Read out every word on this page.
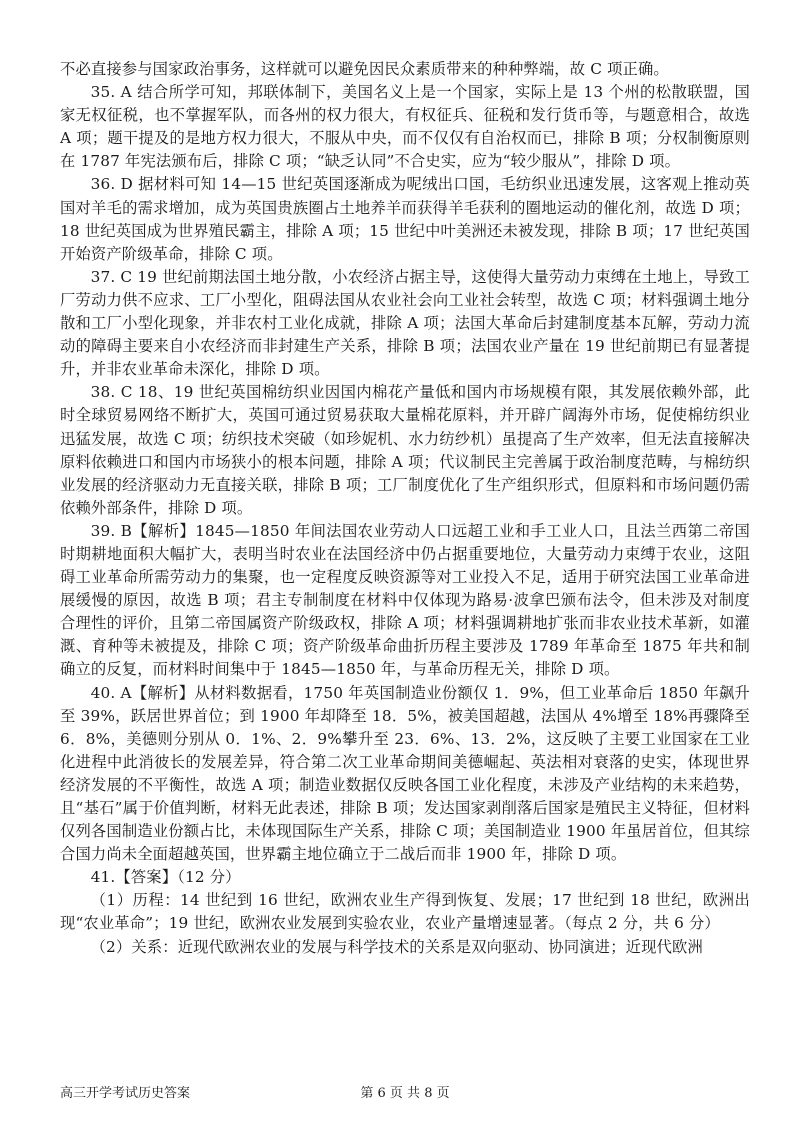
不必直接参与国家政治事务，这样就可以避免因民众素质带来的种种弊端，故 C 项正确。

35. A 结合所学可知，邦联体制下，美国名义上是一个国家，实际上是 13 个州的松散联盟，国家无权征税，也不掌握军队，而各州的权力很大，有权征兵、征税和发行货币等，与题意相合，故选 A 项；题干提及的是地方权力很大，不服从中央，而不仅仅有自治权而已，排除 B 项；分权制衡原则在 1787 年宪法颁布后，排除 C 项；“缺乏认同”不合史实，应为“较少服从”，排除 D 项。

36. D 据材料可知 14—15 世纪英国逐渐成为呢绒出口国，毛纺织业迅速发展，这客观上推动英国对羊毛的需求增加，成为英国贵族圈占土地养羊而获得羊毛获利的圈地运动的催化剂，故选 D 项；18 世纪英国成为世界殖民霸主，排除 A 项；15 世纪中叶美洲还未被发现，排除 B 项；17 世纪英国开始资产阶级革命，排除 C 项。

37. C 19 世纪前期法国土地分散，小农经济占据主导，这使得大量劳动力束缚在土地上，导致工厂劳动力供不应求、工厂小型化，阻碍法国从农业社会向工业社会转型，故选 C 项；材料强调土地分散和工厂小型化现象，并非农村工业化成就，排除 A 项；法国大革命后封建制度基本瓦解，劳动力流动的障碍主要来自小农经济而非封建生产关系，排除 B 项；法国农业产量在 19 世纪前期已有显著提升，并非农业革命未深化，排除 D 项。

38. C 18、19 世纪英国棉纺织业因国内棉花产量低和国内市场规模有限，其发展依赖外部，此时全球贸易网络不断扩大，英国可通过贸易获取大量棉花原料，并开辟广阔海外市场，促使棉纺织业迅猛发展，故选 C 项；纺织技术突破（如珍妮机、水力纺纱机）虽提高了生产效率，但无法直接解决原料依赖进口和国内市场狭小的根本问题，排除 A 项；代议制民主完善属于政治制度范畴，与棉纺织业发展的经济驱动力无直接关联，排除 B 项；工厂制度优化了生产组织形式，但原料和市场问题仍需依赖外部条件，排除 D 项。

39. B【解析】1845—1850 年间法国农业劳动人口远超工业和手工业人口，且法兰西第二帝国时期耕地面积大幅扩大，表明当时农业在法国经济中仍占据重要地位，大量劳动力束缚于农业，这阻碍工业革命所需劳动力的集聚，也一定程度反映资源等对工业投入不足，适用于研究法国工业革命进展缓慢的原因，故选 B 项；君主专制制度在材料中仅体现为路易·波拿巴颁布法令，但未涉及对制度合理性的评价，且第二帝国属资产阶级政权，排除 A 项；材料强调耕地扩张而非农业技术革新，如灌溉、育种等未被提及，排除 C 项；资产阶级革命曲折历程主要涉及 1789 年革命至 1875 年共和制确立的反复，而材料时间集中于 1845—1850 年，与革命历程无关，排除 D 项。

40. A【解析】从材料数据看，1750 年英国制造业份额仅 1．9%，但工业革命后 1850 年飙升至 39%，跃居世界首位；到 1900 年却降至 18．5%，被美国超越，法国从 4%增至 18%再骤降至 6．8%，美德则分别从 0．1%、2．9%攀升至 23．6%、13．2%，这反映了主要工业国家在工业化进程中此消彼长的发展差异，符合第二次工业革命期间美德崛起、英法相对衰落的史实，体现世界经济发展的不平衡性，故选 A 项；制造业数据仅反映各国工业化程度，未涉及产业结构的未来趋势，且“基石”属于价值判断，材料无此表述，排除 B 项；发达国家剥削落后国家是殖民主义特征，但材料仅列各国制造业份额占比，未体现国际生产关系，排除 C 项；美国制造业 1900 年虽居首位，但其综合国力尚未全面超越英国，世界霸主地位确立于二战后而非 1900 年，排除 D 项。

41.【答案】（12 分）

（1）历程：14 世纪到 16 世纪，欧洲农业生产得到恢复、发展；17 世纪到 18 世纪，欧洲出现“农业革命”；19 世纪，欧洲农业发展到实验农业，农业产量增速显著。（每点 2 分，共 6 分）

（2）关系：近现代欧洲农业的发展与科学技术的关系是双向驱动、协同演进；近现代欧洲

高三开学考试历史答案	第 6 页 共 8 页
